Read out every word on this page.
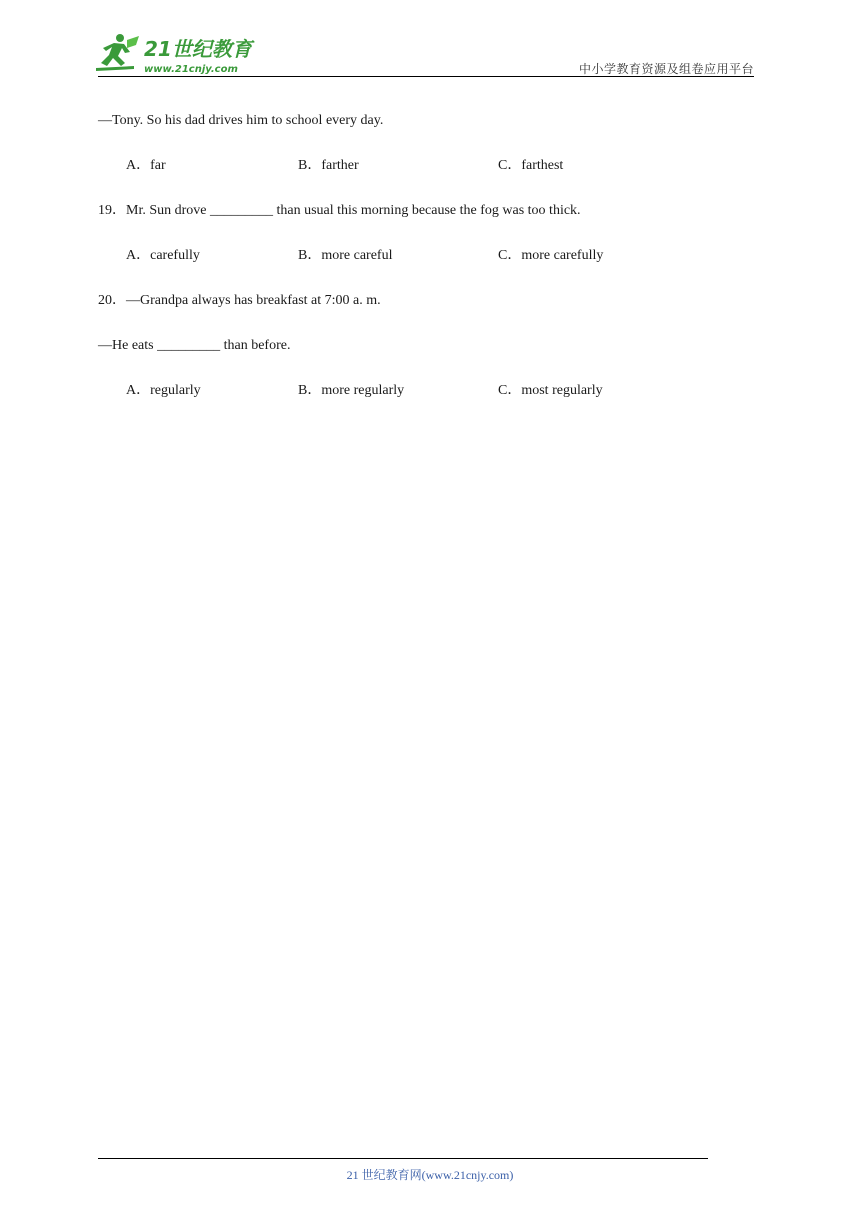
21世纪教育
www.21cnjy.com	中小学教育资源及组卷应用平台
—Tony. So his dad drives him to school every day.
A．far	B．farther	C．farthest
19．Mr. Sun drove _________ than usual this morning because the fog was too thick.
A．carefully	B．more careful	C．more carefully
20．—Grandpa always has breakfast at 7:00 a. m.
—He eats _________ than before.
A．regularly	B．more regularly	C．most regularly
21 世纪教育网(www.21cnjy.com)
